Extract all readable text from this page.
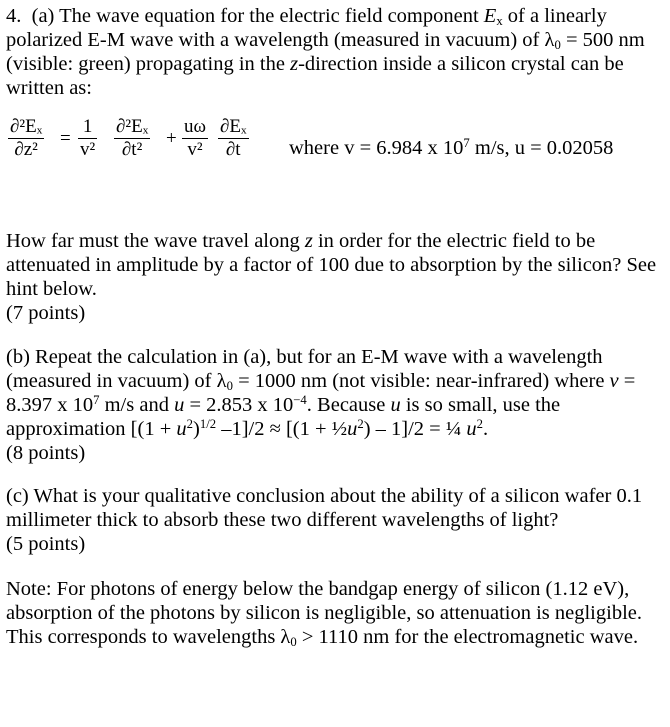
4. (a) The wave equation for the electric field component $E_x$ of a linearly polarized E-M wave with a wavelength (measured in vacuum) of $\lambda_0 = 500$ nm (visible: green) propagating in the z-direction inside a silicon crystal can be written as:

$\frac{\text{∂²Eₓ}}{\text{∂z²}} = \frac{1}{\text{v²}} \frac{\text{∂²Eₓ}}{\text{∂t²}} + \frac{u\omega}{\text{v²}} \frac{\text{∂Eₓ}}{\partial t}$ where v = 6.984 x $10^7$ m/s, u = 0.02058

How far must the wave travel along z in order for the electric field to be attenuated in amplitude by a factor of 100 due to absorption by the silicon? See hint below.
(7 points)

(b) Repeat the calculation in (a), but for an E-M wave with a wavelength (measured in vacuum) of $\lambda_0 = 1000$ nm (not visible: near-infrared) where v = 8.397 x $10^7$ m/s and u = 2.853 x $10^{-4}$. Because u is so small, use the approximation [$(1 + u^2)^{1/2}$ $-1]/2 \approx [(1 + \frac{1}{2}u^2) - 1]/2$ = ¼ $u^2$.
(8 points)

(c) What is your qualitative conclusion about the ability of a silicon wafer 0.1 millimeter thick to absorb these two different wavelengths of light?
(5 points)

Note: For photons of energy below the bandgap energy of silicon (1.12 eV), absorption of the photons by silicon is negligible, so attenuation is negligible. This corresponds to wavelengths $\lambda_0 > 1110$ nm for the electromagnetic wave.
